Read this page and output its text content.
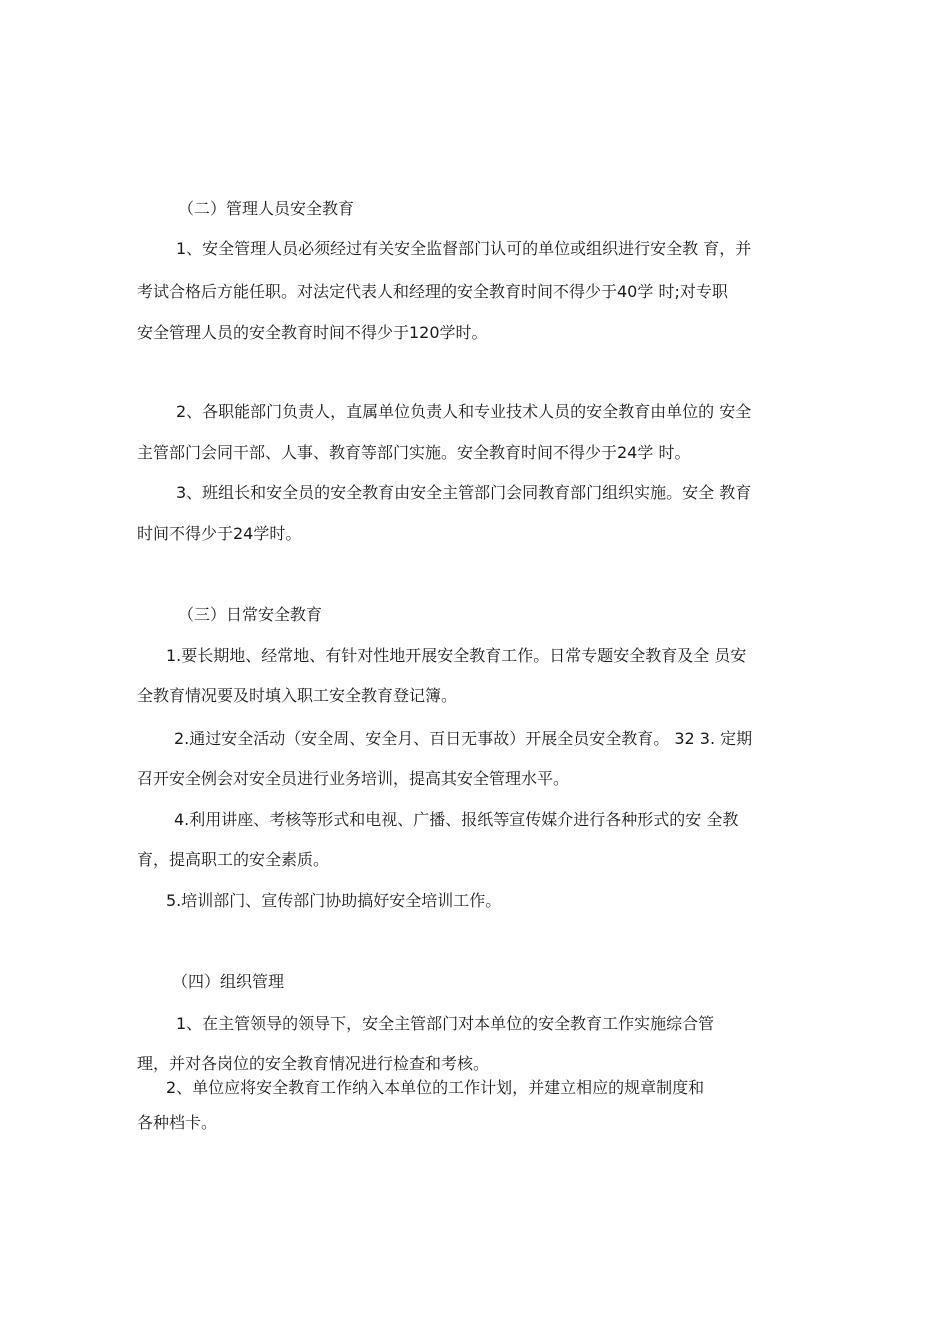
（二）管理人员安全教育
1、安全管理人员必须经过有关安全监督部门认可的单位或组织进行安全教 育，并
考试合格后方能任职。对法定代表人和经理的安全教育时间不得少于40学 时;对专职
安全管理人员的安全教育时间不得少于120学时。
2、各职能部门负责人，直属单位负责人和专业技术人员的安全教育由单位的 安全
主管部门会同干部、人事、教育等部门实施。安全教育时间不得少于24学 时。
3、班组长和安全员的安全教育由安全主管部门会同教育部门组织实施。安全 教育
时间不得少于24学时。
（三）日常安全教育
1.要长期地、经常地、有针对性地开展安全教育工作。日常专题安全教育及全 员安
全教育情况要及时填入职工安全教育登记簿。
2.通过安全活动（安全周、安全月、百日无事故）开展全员安全教育。 32 3. 定期
召开安全例会对安全员进行业务培训，提高其安全管理水平。
4.利用讲座、考核等形式和电视、广播、报纸等宣传媒介进行各种形式的安 全教
育，提高职工的安全素质。
5.培训部门、宣传部门协助搞好安全培训工作。
（四）组织管理
1、在主管领导的领导下，安全主管部门对本单位的安全教育工作实施综合管
理，并对各岗位的安全教育情况进行检查和考核。
2、单位应将安全教育工作纳入本单位的工作计划，并建立相应的规章制度和
各种档卡。
